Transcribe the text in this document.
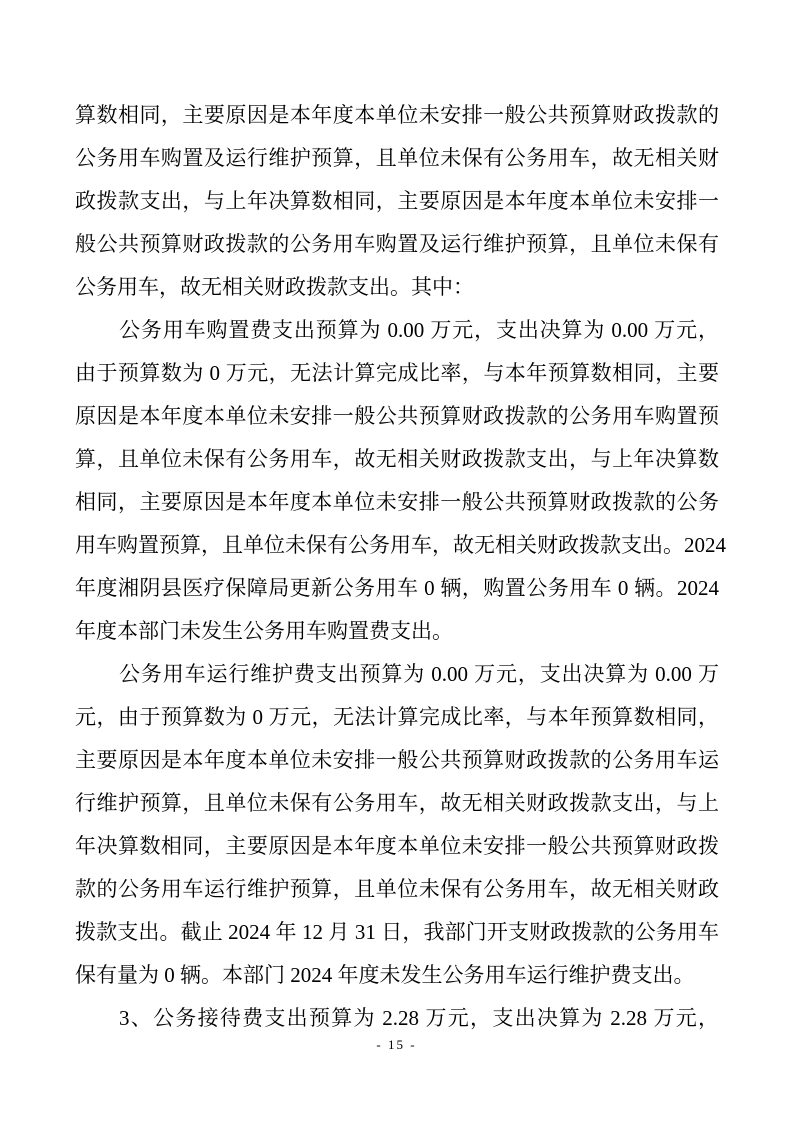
算数相同，主要原因是本年度本单位未安排一般公共预算财政拨款的
公务用车购置及运行维护预算，且单位未保有公务用车，故无相关财
政拨款支出，与上年决算数相同，主要原因是本年度本单位未安排一
般公共预算财政拨款的公务用车购置及运行维护预算，且单位未保有
公务用车，故无相关财政拨款支出。其中：
公务用车购置费支出预算为 0.00 万元，支出决算为 0.00 万元，
由于预算数为 0 万元，无法计算完成比率，与本年预算数相同，主要
原因是本年度本单位未安排一般公共预算财政拨款的公务用车购置预
算，且单位未保有公务用车，故无相关财政拨款支出，与上年决算数
相同，主要原因是本年度本单位未安排一般公共预算财政拨款的公务
用车购置预算，且单位未保有公务用车，故无相关财政拨款支出。2024
年度湘阴县医疗保障局更新公务用车 0 辆，购置公务用车 0 辆。2024
年度本部门未发生公务用车购置费支出。
公务用车运行维护费支出预算为 0.00 万元，支出决算为 0.00 万
元，由于预算数为 0 万元，无法计算完成比率，与本年预算数相同，
主要原因是本年度本单位未安排一般公共预算财政拨款的公务用车运
行维护预算，且单位未保有公务用车，故无相关财政拨款支出，与上
年决算数相同，主要原因是本年度本单位未安排一般公共预算财政拨
款的公务用车运行维护预算，且单位未保有公务用车，故无相关财政
拨款支出。截止 2024 年 12 月 31 日，我部门开支财政拨款的公务用车
保有量为 0 辆。本部门 2024 年度未发生公务用车运行维护费支出。
3、公务接待费支出预算为 2.28 万元，支出决算为 2.28 万元，
- 15 -
